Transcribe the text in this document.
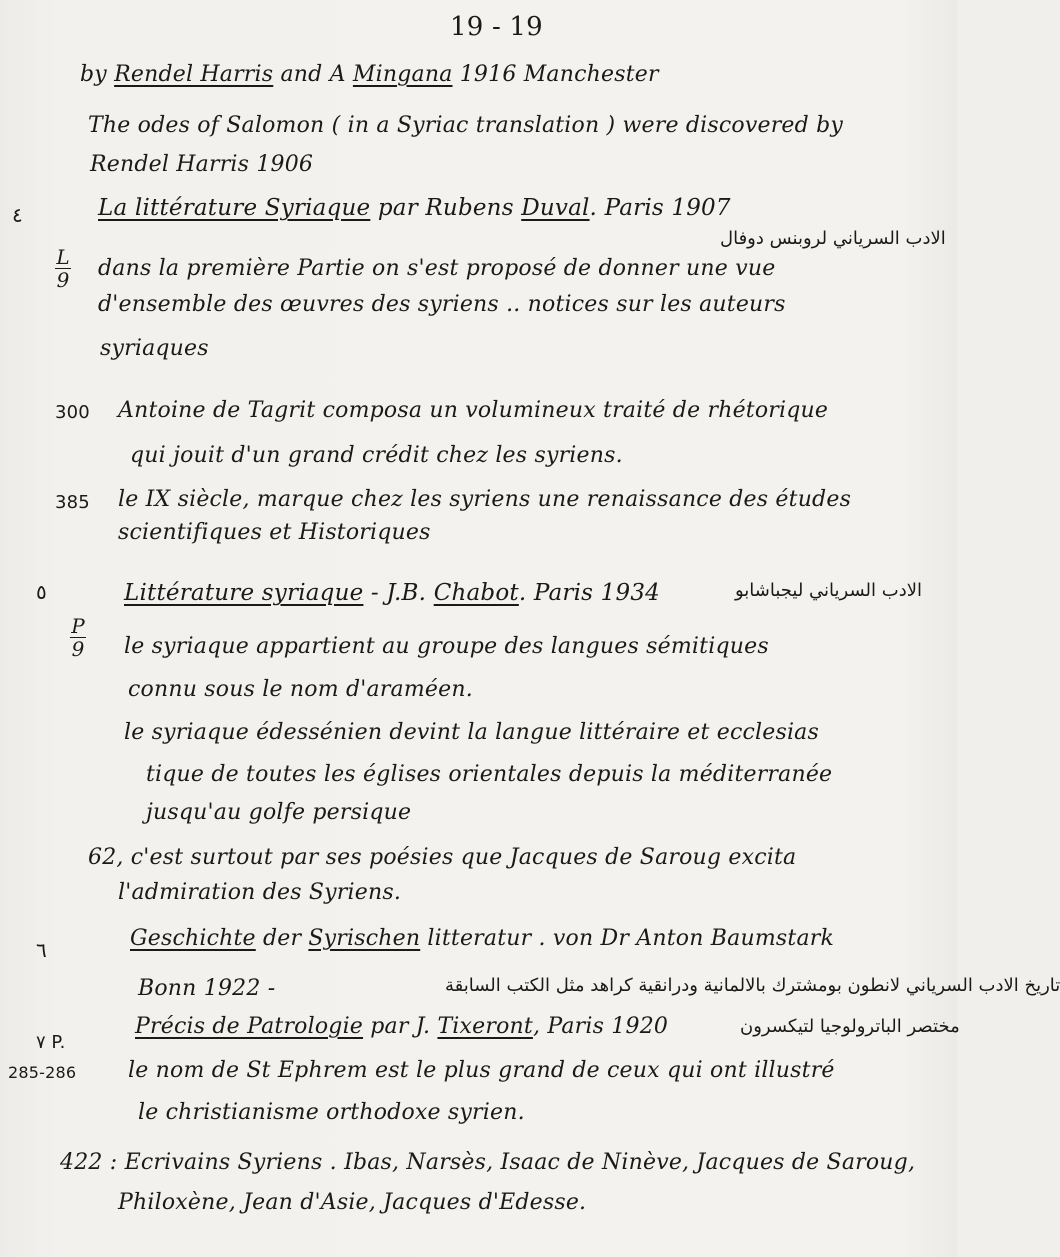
19 - 19
by Rendel Harris and A Mingana 1916 Manchester
The odes of Salomon ( in a Syriac translation ) were discovered by
Rendel Harris 1906
٤	La littérature Syriaque par Rubens Duval. Paris 1907
الادب السرياني لروبنس دوفال
L
9 dans la première Partie on s'est proposé de donner une vue
d'ensemble des œuvres des syriens .. notices sur les auteurs
syriaques
300 Antoine de Tagrit composa un volumineux traité de rhétorique
qui jouit d'un grand crédit chez les syriens.
385 le IX siècle, marque chez les syriens une renaissance des études
scientifiques et Historiques
٥	Littérature syriaque - J.B. Chabot. Paris 1934	الادب السرياني ليجباشابو
P
9 le syriaque appartient au groupe des langues sémitiques
connu sous le nom d'araméen.
le syriaque édessénien devint la langue littéraire et ecclesias
tique de toutes les églises orientales depuis la méditerranée
jusqu'au golfe persique
62, c'est surtout par ses poésies que Jacques de Saroug excita
l'admiration des Syriens.
٦	Geschichte der Syrischen litteratur . von Dr Anton Baumstark
Bonn 1922 -	تاريخ الادب السرياني لانطون بومشترك بالالمانية ودرانقية كراهد مثل الكتب السابقة
٧ P.
Précis de Patrologie par J. Tixeront, Paris 1920	مختصر الباترولوجيا لتيكسرون
285-286 le nom de St Ephrem est le plus grand de ceux qui ont illustré
le christianisme orthodoxe syrien.
422 : Ecrivains Syriens . Ibas, Narsès, Isaac de Ninève, Jacques de Saroug,
Philoxène, Jean d'Asie, Jacques d'Edesse.
